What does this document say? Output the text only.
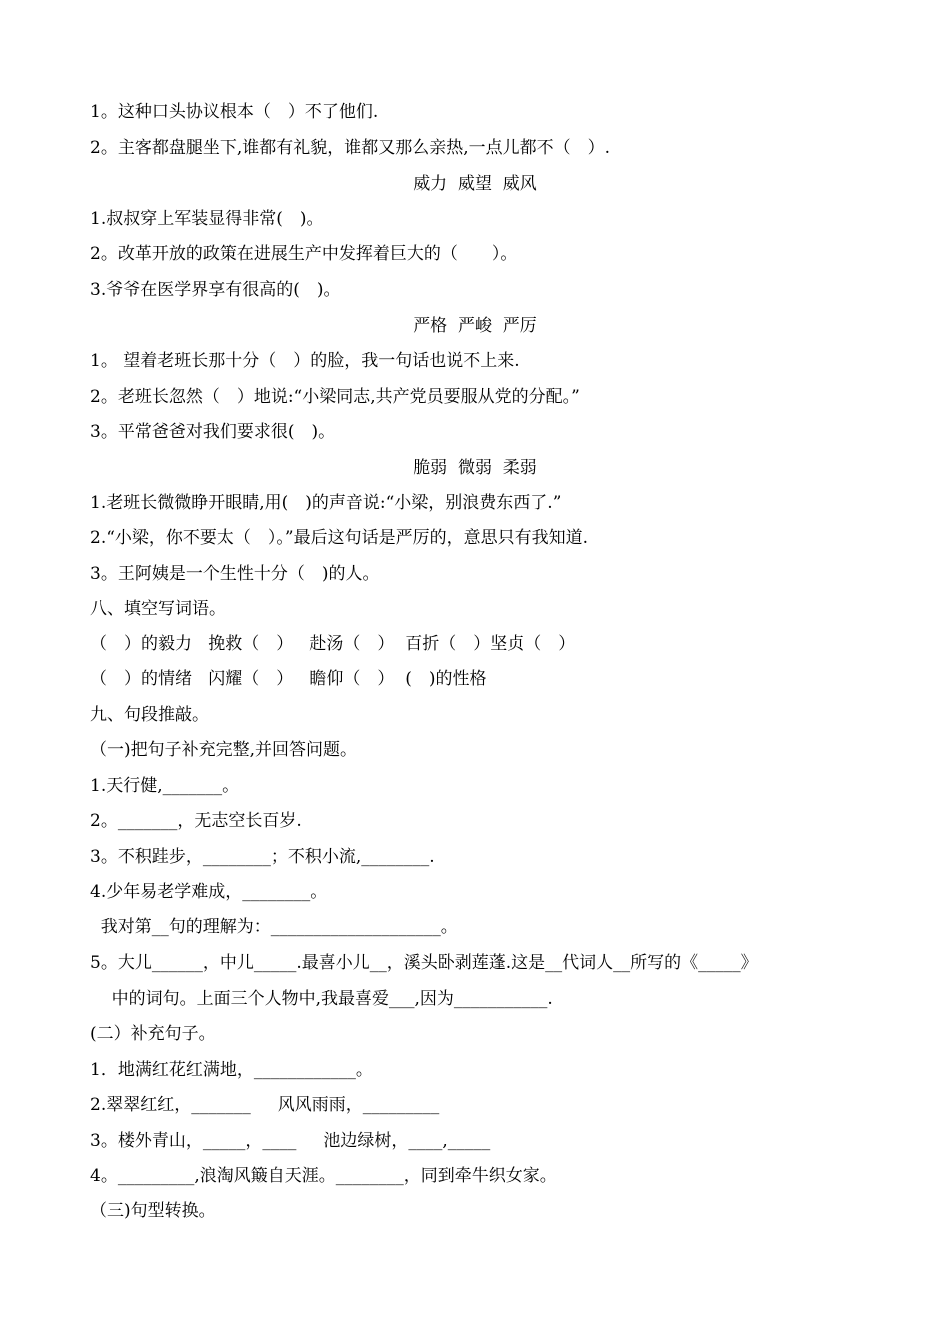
1。这种口头协议根本（　）不了他们.
2。主客都盘腿坐下,谁都有礼貌，谁都又那么亲热,一点儿都不（　）.
威力  威望  威风
1.叔叔穿上军装显得非常(　)。
2。改革开放的政策在进展生产中发挥着巨大的（　　）。
3.爷爷在医学界享有很高的(　)。
严格  严峻  严厉
1。 望着老班长那十分（　）的脸，我一句话也说不上来.
2。老班长忽然（　）地说:“小梁同志,共产党员要服从党的分配。”
3。平常爸爸对我们要求很(　)。
脆弱  微弱  柔弱
1.老班长微微睁开眼睛,用(　)的声音说:“小梁，别浪费东西了.”
2.“小梁，你不要太（　）。”最后这句话是严厉的，意思只有我知道.
3。王阿姨是一个生性十分（　)的人。
八、填空写词语。
（　）的毅力   挽救（　）   赴汤（　）  百折（　）坚贞（　）
（　）的情绪   闪耀（　）   瞻仰（　）  (　)的性格
九、句段推敲。
（一)把句子补充完整,并回答问题。
1.天行健,_______。
2。_______，无志空长百岁.
3。不积跬步，________；不积小流,________.
4.少年易老学难成，________。
我对第__句的理解为：____________________。
5。大儿______，中儿_____.最喜小儿__，溪头卧剥莲蓬.这是__代词人__所写的《_____》
中的词句。上面三个人物中,我最喜爱___,因为___________.
(二）补充句子。
1．地满红花红满地，____________。
2.翠翠红红，_______     风风雨雨，_________
3。楼外青山，_____，____     池边绿树，____,_____
4。_________,浪淘风簸自天涯。________，同到牵牛织女家。
（三)句型转换。
